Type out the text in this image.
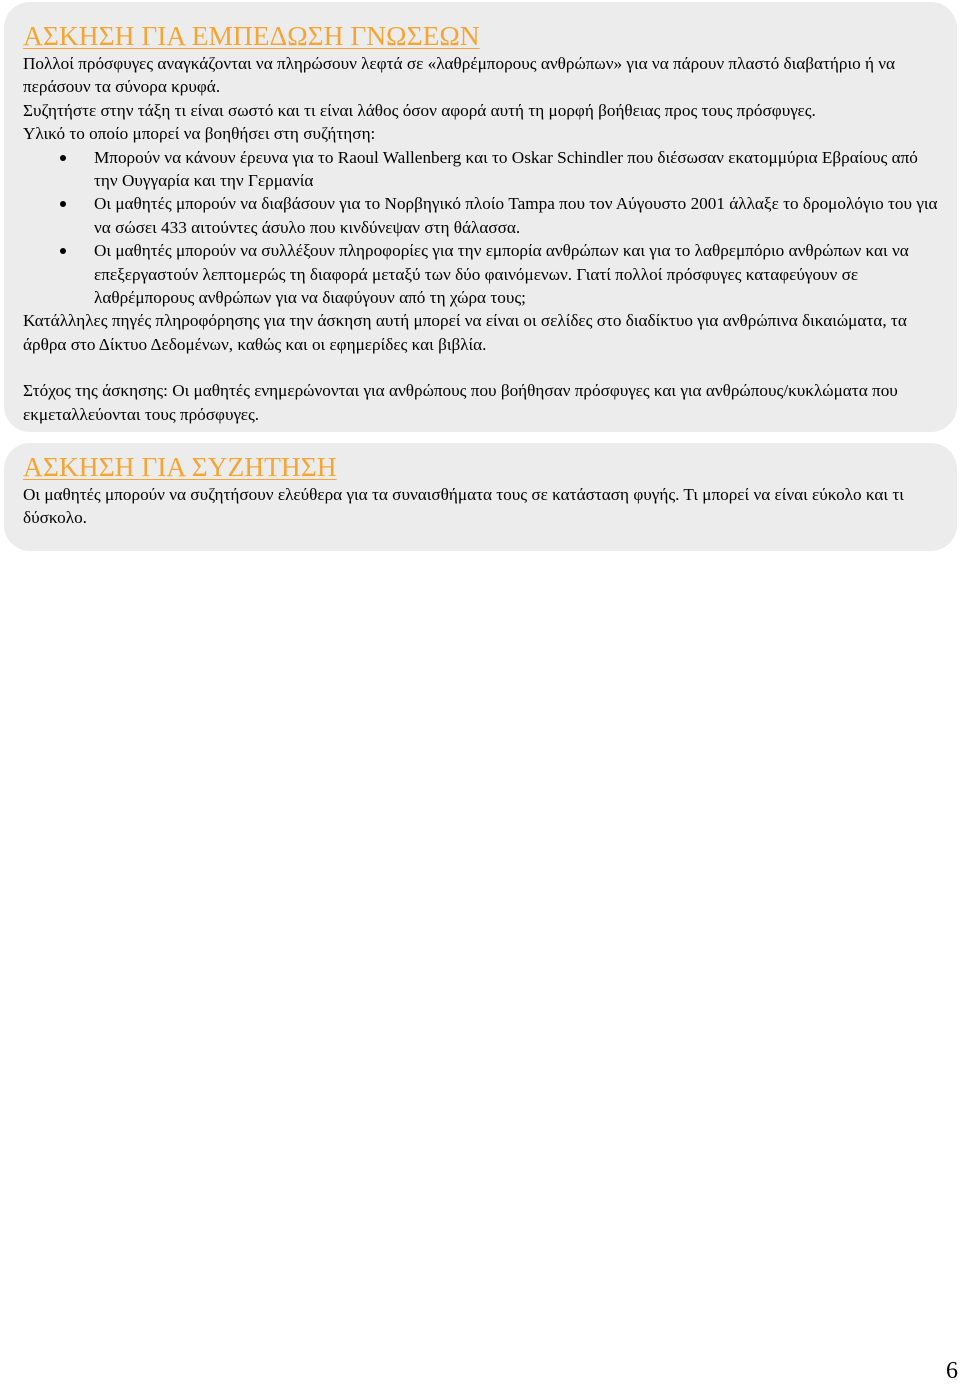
ΑΣΚΗΣΗ ΓΙΑ ΕΜΠΕΔΩΣΗ ΓΝΩΣΕΩΝ

Πολλοί πρόσφυγες αναγκάζονται να πληρώσουν λεφτά σε «λαθρέμπορους ανθρώπων» για να πάρουν πλαστό διαβατήριο ή να περάσουν τα σύνορα κρυφά.

Συζητήστε στην τάξη τι είναι σωστό και τι είναι λάθος όσον αφορά αυτή τη μορφή βοήθειας προς τους πρόσφυγες.

Υλικό το οποίο μπορεί να βοηθήσει στη συζήτηση:

Μπορούν να κάνουν έρευνα για το Raoul Wallenberg και το Oskar Schindler που διέσωσαν εκατομμύρια Εβραίους από την Ουγγαρία και την Γερμανία
Οι μαθητές μπορούν να διαβάσουν για το Νορβηγικό πλοίο Tampa που τον Αύγουστο 2001 άλλαξε το δρομολόγιο του για να σώσει 433 αιτούντες άσυλο που κινδύνεψαν στη θάλασσα.
Οι μαθητές μπορούν να συλλέξουν πληροφορίες για την εμπορία ανθρώπων και για το λαθρεμπόριο ανθρώπων και να επεξεργαστούν λεπτομερώς τη διαφορά μεταξύ των δύο φαινόμενων. Γιατί πολλοί πρόσφυγες καταφεύγουν σε λαθρέμπορους ανθρώπων για να διαφύγουν από τη χώρα τους;

Κατάλληλες πηγές πληροφόρησης για την άσκηση αυτή μπορεί να είναι οι σελίδες στο διαδίκτυο για ανθρώπινα δικαιώματα, τα άρθρα στο Δίκτυο Δεδομένων, καθώς και οι εφημερίδες και βιβλία.

Στόχος της άσκησης: Οι μαθητές ενημερώνονται για ανθρώπους που βοήθησαν πρόσφυγες και για ανθρώπους/κυκλώματα που εκμεταλλεύονται τους πρόσφυγες.

ΑΣΚΗΣΗ ΓΙΑ ΣΥΖΗΤΗΣΗ

Οι μαθητές μπορούν να συζητήσουν ελεύθερα για τα συναισθήματα τους σε κατάσταση φυγής. Τι μπορεί να είναι εύκολο και τι δύσκολο.

6
